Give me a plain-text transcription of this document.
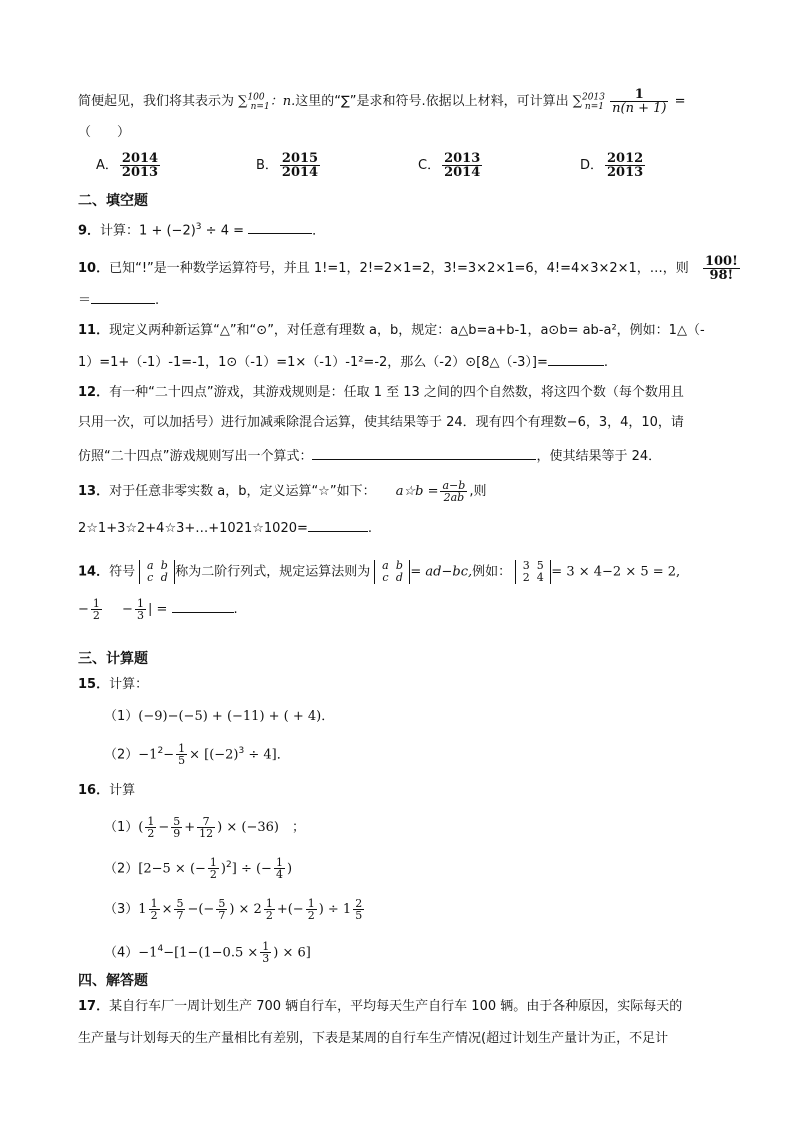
简便起见，我们将其表示为 ∑$^{100}_{n=1}$：n.这里的“∑”是求和符号.依据以上材料，可计算出 $\sum^{2013}_{n=1} \frac{1}{n(n + 1)}$ =
（　　）
A． $\frac{2014}{2013}$	B． $\frac{2015}{2014}$	C． $\frac{2013}{2014}$	D． $\frac{2012}{2013}$
二、填空题
9．计算：$1 + (-2)^3 \div 4$ =	．
10．已知“!”是一种数学运算符号，并且 1!=1，2!=2×1=2，3!=3×2×1=6，4!=4×3×2×1，…，则 $\frac{100!}{98!}$
＝	.
11．现定义两种新运算“△”和“⊙”，对任意有理数 a，b，规定：a△b=a+b-1，a⊙b= ab-a²，例如：1△（-
1）=1+（-1）-1=-1，1⊙（-1）=1×（-1）-1²=-2，那么（-2）⊙[8△（-3）]=	.
12．有一种“二十四点”游戏，其游戏规则是：任取 1 至 13 之间的四个自然数，将这四个数（每个数用且
只用一次，可以加括号）进行加减乘除混合运算，使其结果等于 24．现有四个有理数−6，3，4，10，请
仿照“二十四点”游戏规则写出一个算式：	，使其结果等于 24．
13．对于任意非零实数 a，b，定义运算“☆”如下： a☆b = $\frac{a-b}{2ab}$ ,则
2☆1+3☆2+4☆3+…+1021☆1020=	.
14．符号 a b
c d 称为二阶行列式，规定运算法则为 a b
c d = ad−bc,例如： 3 5
2 4 = 3 × 4−2 × 5 = 2,
− $\frac{1}{2} - \frac{1}{3}$ | =	.
三、计算题
15．计算：
（1）(−9)−(−5) + (−11) + ( + 4)．
$(2)-1^2- \frac{1}{5} \times [(-2)^3 \div 4]$．
16．计算
$(1)( \frac{1}{2} - \frac{5}{9} + \frac{7}{12}$ ) × (−36)　；
（2）[2−5 × (− $\frac{1}{2} )^2$] ÷ (− $\frac{1}{4}$ )
$(3)1 \frac{1}{2} \times \frac{5}{7}$ −(− $\frac{5}{7}$ ) × $2 \frac{1}{2}$ +(− $\frac{1}{2}$ ) ÷ $1 \frac{2}{5}$
$(4)-1^4-[1-(1-0.5 \times \frac{1}{3}$ ) × 6]
四、解答题
17．某自行车厂一周计划生产 700 辆自行车，平均每天生产自行车 100 辆。由于各种原因，实际每天的
生产量与计划每天的生产量相比有差别，下表是某周的自行车生产情况(超过计划生产量计为正，不足计
